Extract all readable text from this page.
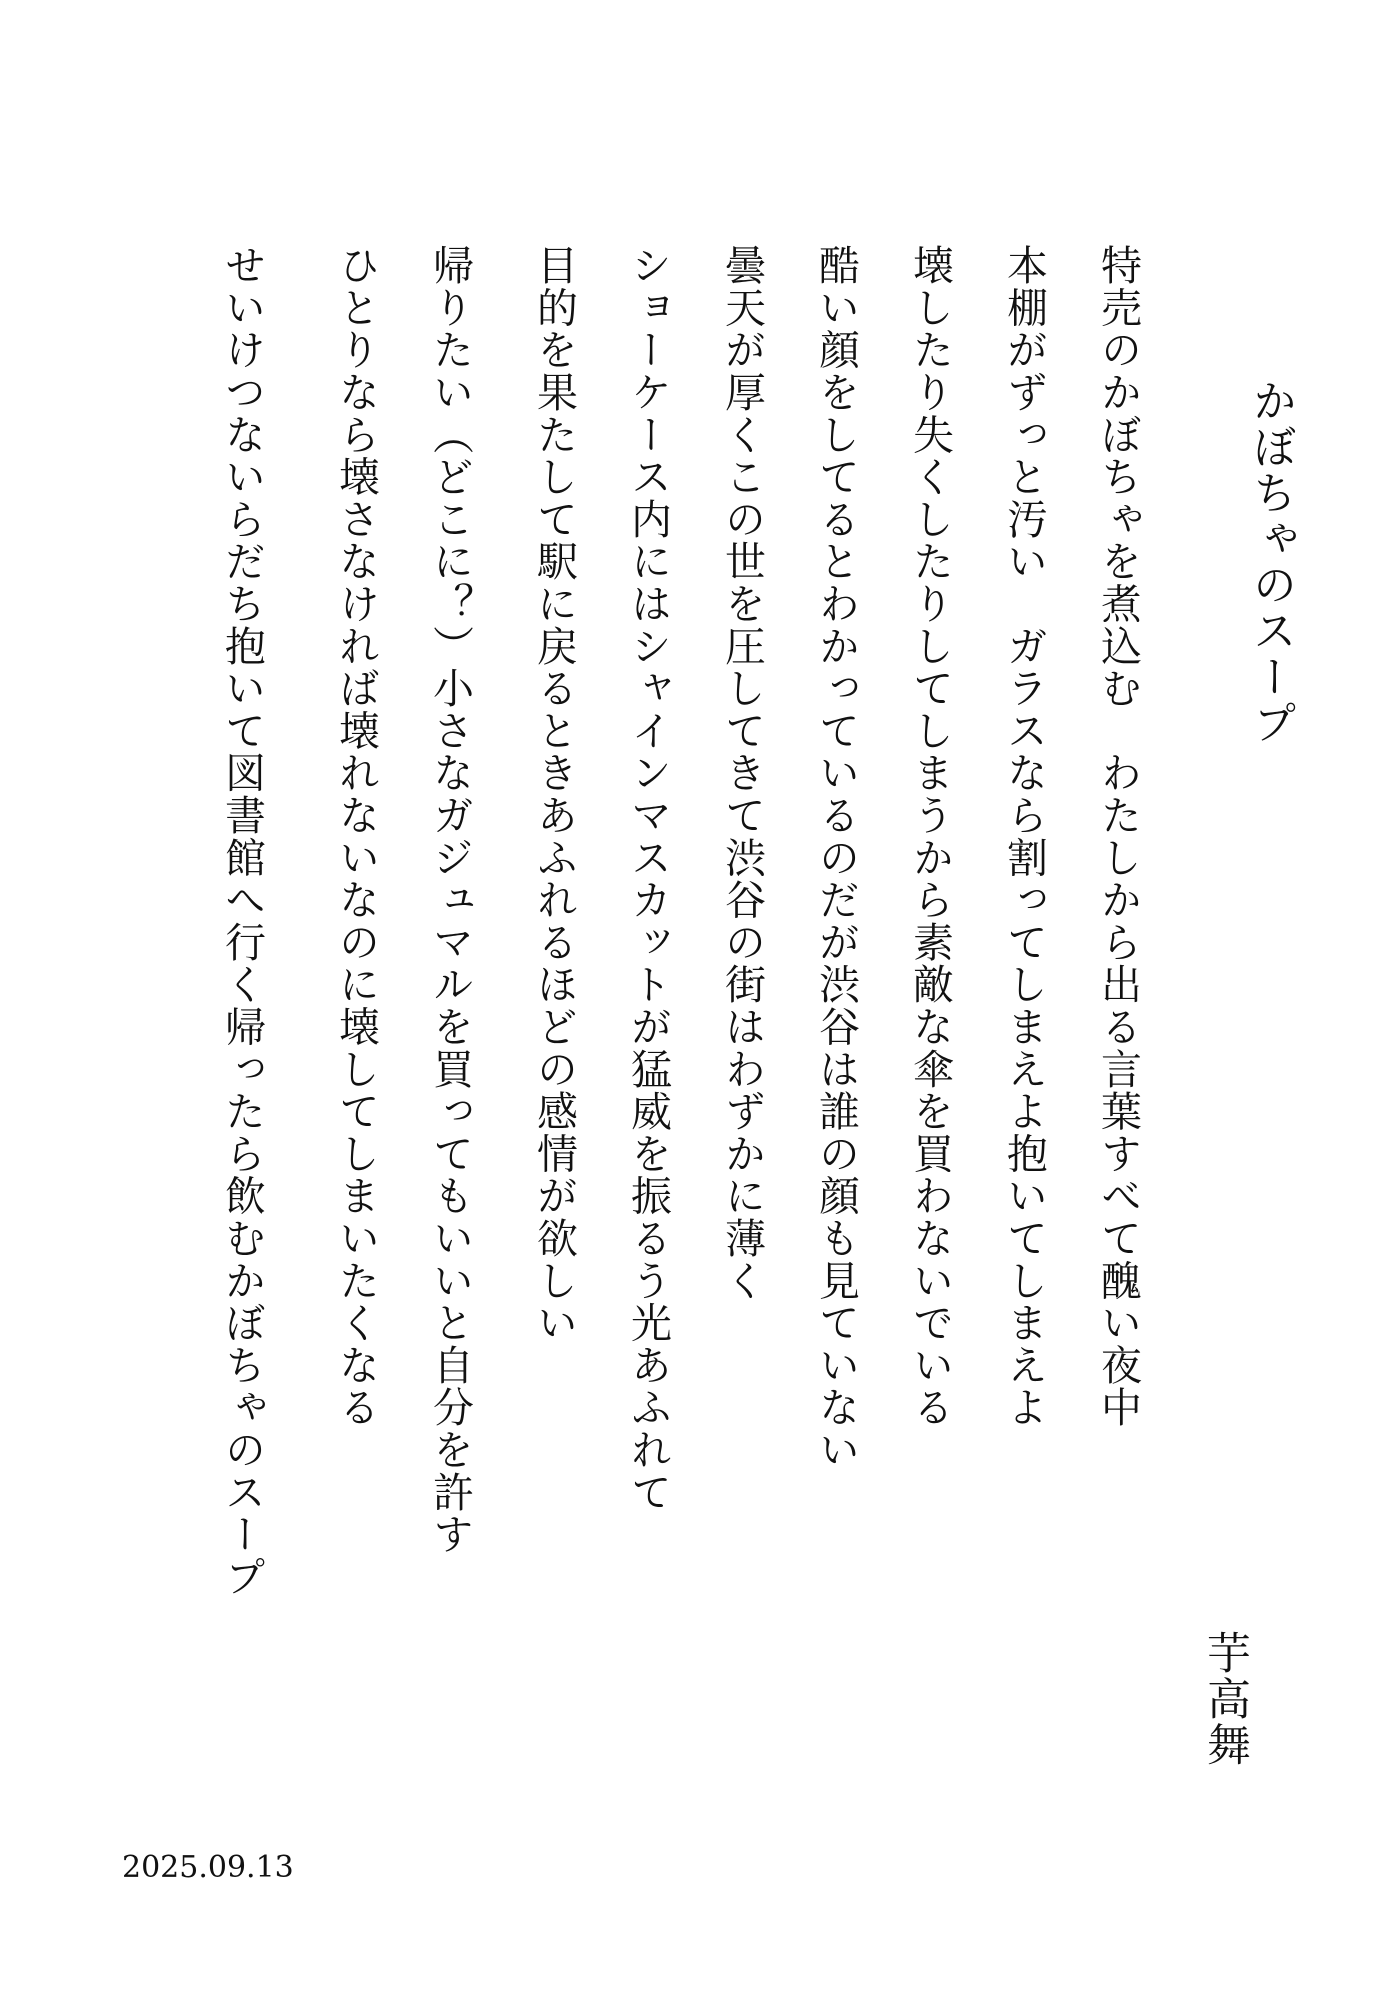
かぼちゃのスープ
特売のかぼちゃを煮込む　わたしから出る言葉すべて醜い夜中
本棚がずっと汚い　ガラスなら割ってしまえよ抱いてしまえよ
壊したり失くしたりしてしまうから素敵な傘を買わないでいる
酷い顔をしてるとわかっているのだが渋谷は誰の顔も見ていない
曇天が厚くこの世を圧してきて渋谷の街はわずかに薄く
ショーケース内にはシャインマスカットが猛威を振るう光あふれて
目的を果たして駅に戻るときあふれるほどの感情が欲しい
帰りたい（どこに？）小さなガジュマルを買ってもいいと自分を許す
ひとりなら壊さなければ壊れないなのに壊してしまいたくなる
せいけつないらだち抱いて図書館へ行く帰ったら飲むかぼちゃのスープ
芋高舞
2025.09.13
